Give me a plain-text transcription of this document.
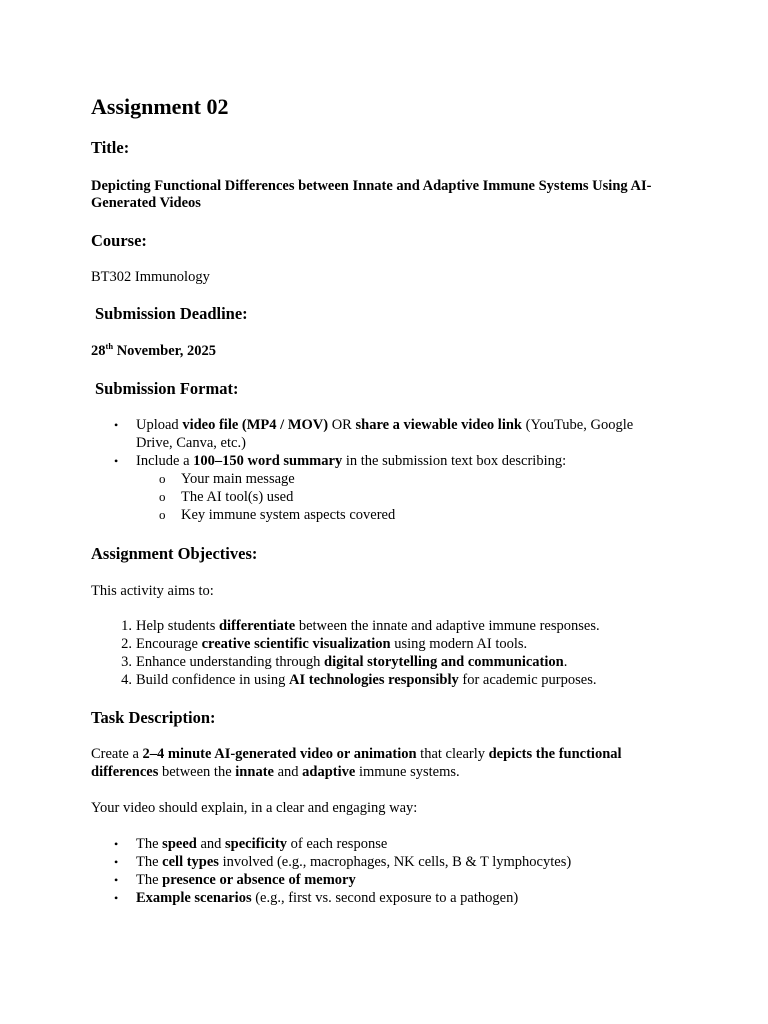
Assignment 02
Title:

Depicting Functional Differences between Innate and Adaptive Immune Systems Using AI-Generated Videos

Course:

BT302 Immunology

Submission Deadline:

28th November, 2025

Submission Format:
• Upload video file (MP4 / MOV) OR share a viewable video link (YouTube, Google
Drive, Canva, etc.)
• Include a 100–150 word summary in the submission text box describing:
o Your main message
o The AI tool(s) used
o Key immune system aspects covered
Assignment Objectives:

This activity aims to:

1. Help students differentiate between the innate and adaptive immune responses.
2. Encourage creative scientific visualization using modern AI tools.
3. Enhance understanding through digital storytelling and communication.
4. Build confidence in using AI technologies responsibly for academic purposes.
Task Description:
Create a 2–4 minute AI-generated video or animation that clearly depicts the functional
differences between the innate and adaptive immune systems.

Your video should explain, in a clear and engaging way:

• The speed and specificity of each response
• The cell types involved (e.g., macrophages, NK cells, B & T lymphocytes)
• The presence or absence of memory
• Example scenarios (e.g., first vs. second exposure to a pathogen)
